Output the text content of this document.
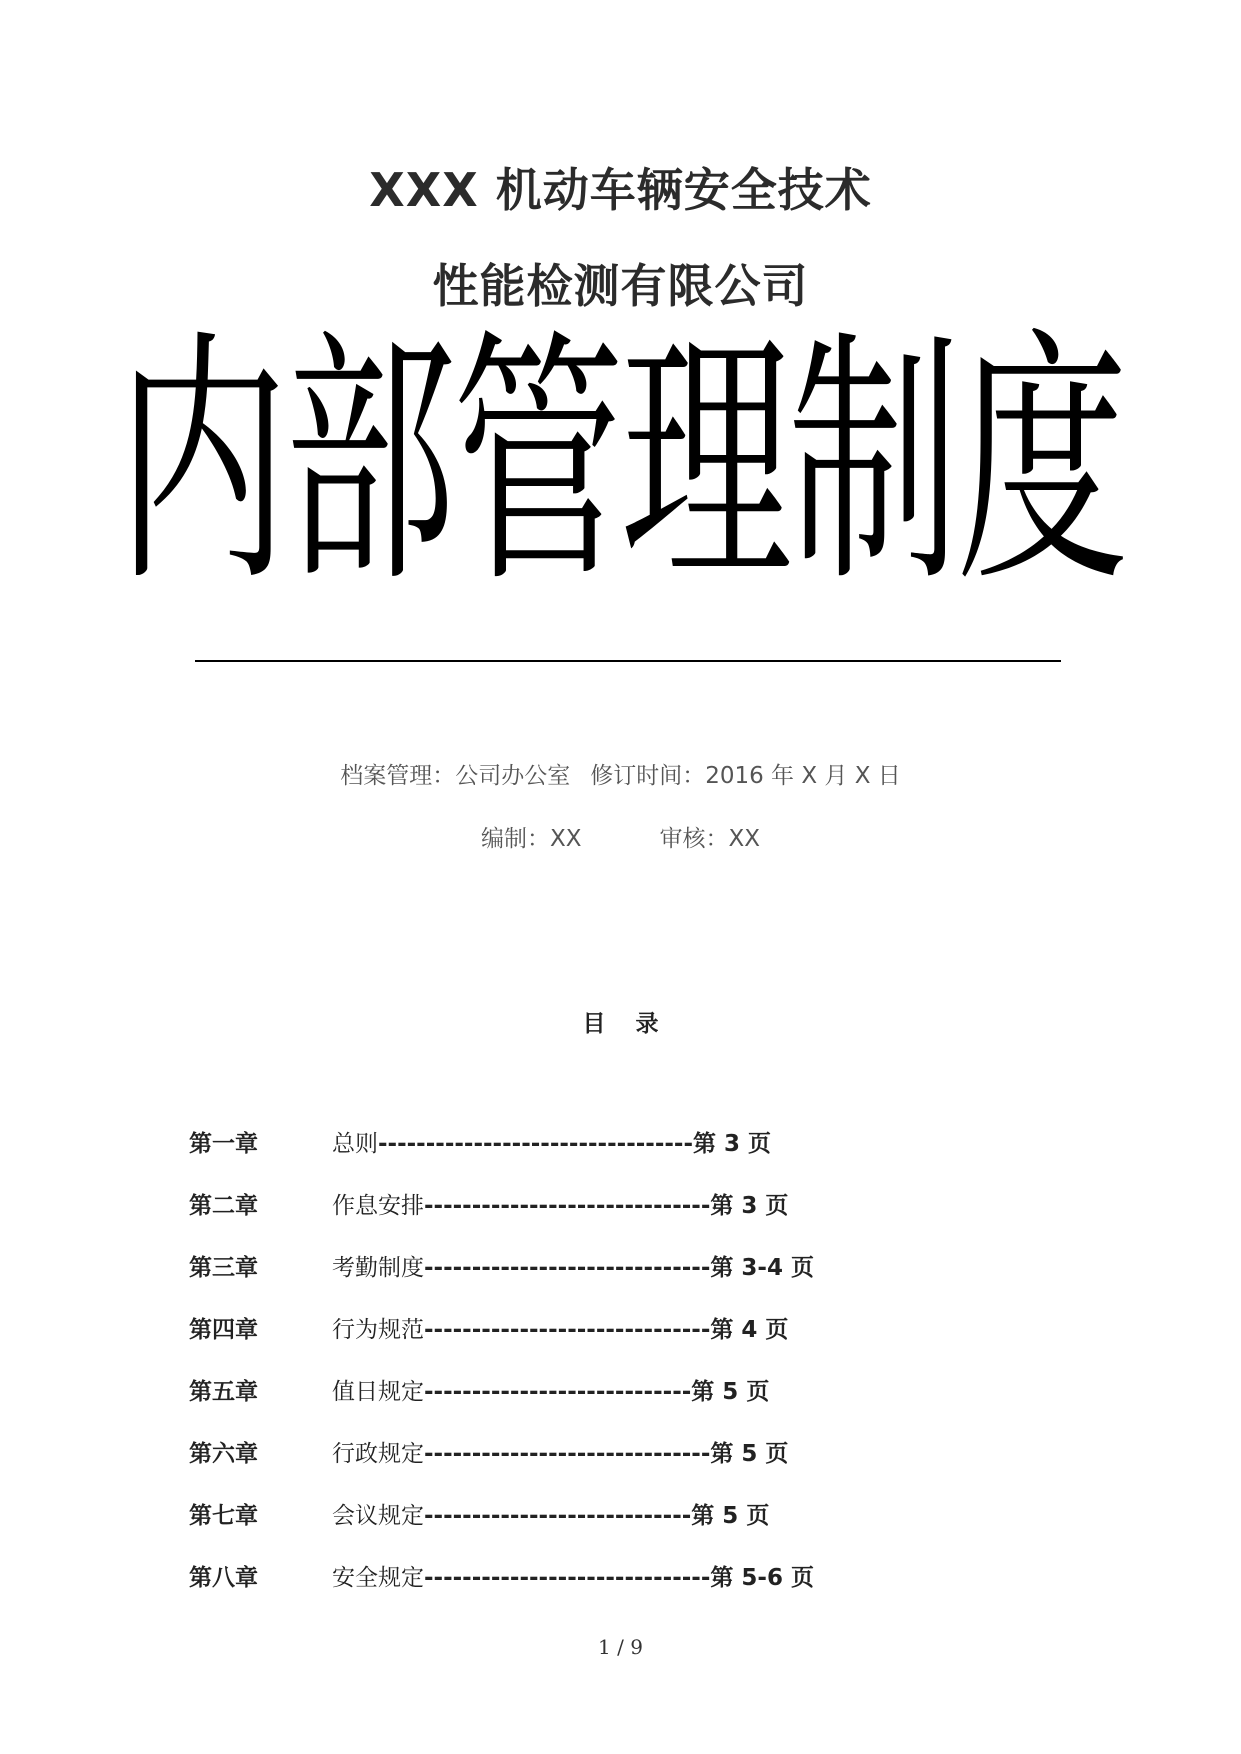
XXX 机动车辆安全技术
性能检测有限公司
内部管理制度
档案管理：公司办公室 修订时间：2016 年 X 月 X 日
编制：XX	审核：XX
目录
第一章	总则---------------------------------第 3 页
第二章	作息安排------------------------------第 3 页
第三章	考勤制度------------------------------第 3-4 页
第四章	行为规范------------------------------第 4 页
第五章	值日规定----------------------------第 5 页
第六章	行政规定------------------------------第 5 页
第七章	会议规定----------------------------第 5 页
第八章	安全规定------------------------------第 5-6 页
1 / 9
